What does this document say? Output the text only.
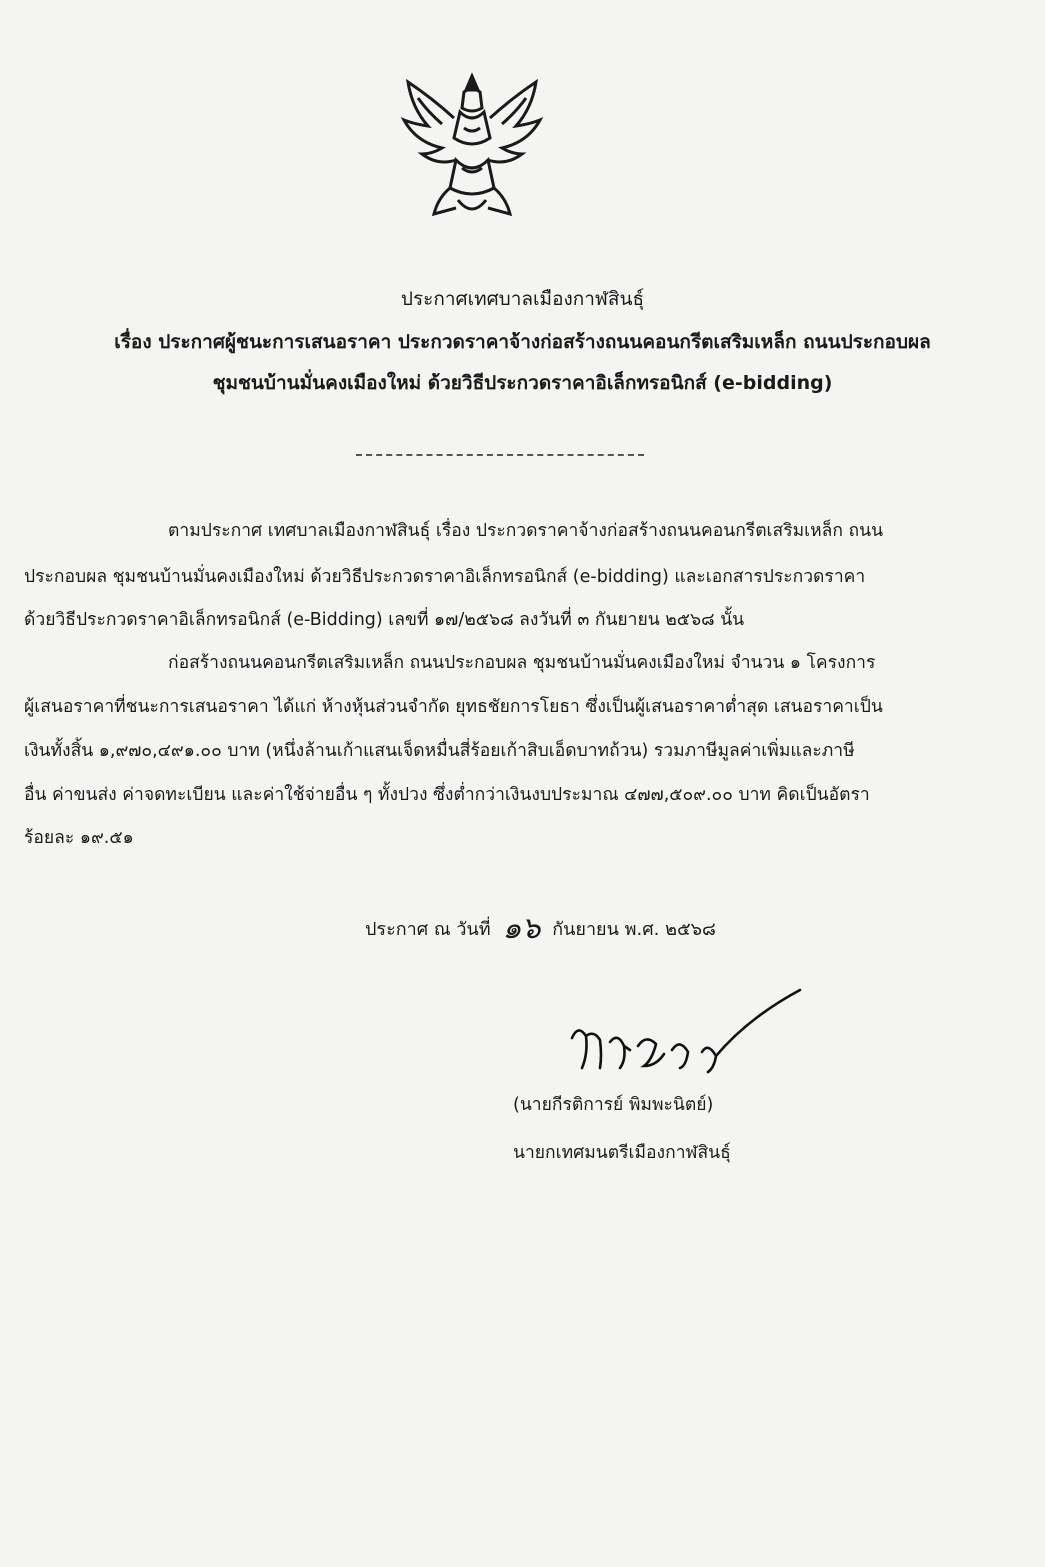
ประกาศเทศบาลเมืองกาฬสินธุ์
เรื่อง ประกาศผู้ชนะการเสนอราคา ประกวดราคาจ้างก่อสร้างถนนคอนกรีตเสริมเหล็ก ถนนประกอบผล
ชุมชนบ้านมั่นคงเมืองใหม่ ด้วยวิธีประกวดราคาอิเล็กทรอนิกส์ (e-bidding)
ตามประกาศ เทศบาลเมืองกาฬสินธุ์ เรื่อง ประกวดราคาจ้างก่อสร้างถนนคอนกรีตเสริมเหล็ก ถนน
ประกอบผล ชุมชนบ้านมั่นคงเมืองใหม่ ด้วยวิธีประกวดราคาอิเล็กทรอนิกส์ (e-bidding) และเอกสารประกวดราคา
ด้วยวิธีประกวดราคาอิเล็กทรอนิกส์ (e-Bidding) เลขที่ ๑๗/๒๕๖๘ ลงวันที่ ๓ กันยายน ๒๕๖๘ นั้น
ก่อสร้างถนนคอนกรีตเสริมเหล็ก ถนนประกอบผล ชุมชนบ้านมั่นคงเมืองใหม่ จำนวน ๑ โครงการ
ผู้เสนอราคาที่ชนะการเสนอราคา ได้แก่ ห้างหุ้นส่วนจำกัด ยุทธชัยการโยธา ซึ่งเป็นผู้เสนอราคาต่ำสุด เสนอราคาเป็น
เงินทั้งสิ้น ๑,๙๗๐,๔๙๑.๐๐ บาท (หนึ่งล้านเก้าแสนเจ็ดหมื่นสี่ร้อยเก้าสิบเอ็ดบาทถ้วน) รวมภาษีมูลค่าเพิ่มและภาษี
อื่น ค่าขนส่ง ค่าจดทะเบียน และค่าใช้จ่ายอื่น ๆ ทั้งปวง ซึ่งต่ำกว่าเงินงบประมาณ ๔๗๗,๕๐๙.๐๐ บาท คิดเป็นอัตรา
ร้อยละ ๑๙.๕๑
ประกาศ ณ วันที่ ๑๖ กันยายน พ.ศ. ๒๕๖๘
(นายกีรติการย์ พิมพะนิตย์)
นายกเทศมนตรีเมืองกาฬสินธุ์
